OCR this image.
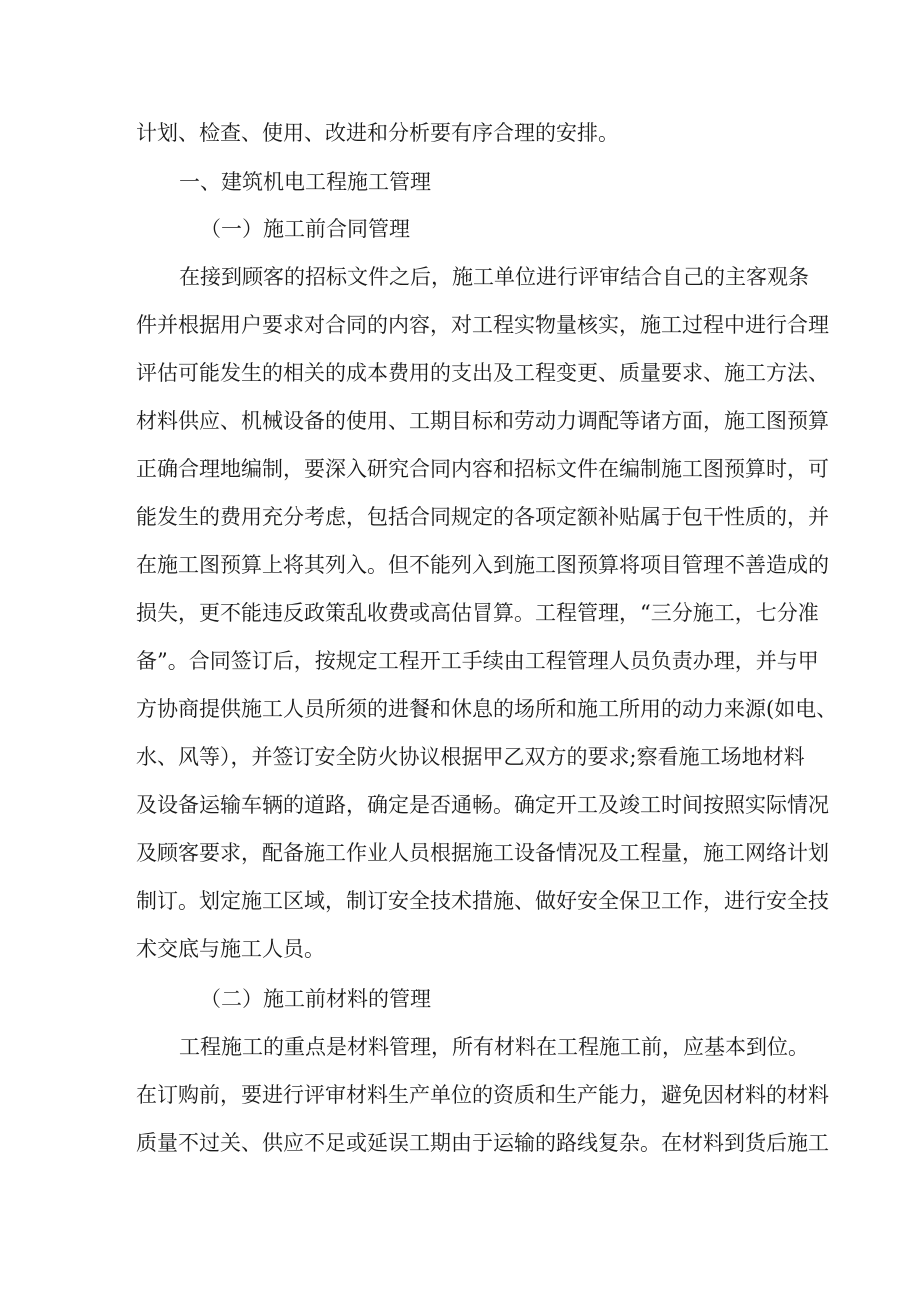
计划、检查、使用、改进和分析要有序合理的安排。
一、建筑机电工程施工管理
（一）施工前合同管理
在接到顾客的招标文件之后，施工单位进行评审结合自己的主客观条
件并根据用户要求对合同的内容，对工程实物量核实，施工过程中进行合理
评估可能发生的相关的成本费用的支出及工程变更、质量要求、施工方法、
材料供应、机械设备的使用、工期目标和劳动力调配等诸方面，施工图预算
正确合理地编制，要深入研究合同内容和招标文件在编制施工图预算时，可
能发生的费用充分考虑，包括合同规定的各项定额补贴属于包干性质的，并
在施工图预算上将其列入。但不能列入到施工图预算将项目管理不善造成的
损失，更不能违反政策乱收费或高估冒算。工程管理，“三分施工，七分准
备”。合同签订后，按规定工程开工手续由工程管理人员负责办理，并与甲
方协商提供施工人员所须的进餐和休息的场所和施工所用的动力来源(如电、
水、风等），并签订安全防火协议根据甲乙双方的要求;察看施工场地材料
及设备运输车辆的道路，确定是否通畅。确定开工及竣工时间按照实际情况
及顾客要求，配备施工作业人员根据施工设备情况及工程量，施工网络计划
制订。划定施工区域，制订安全技术措施、做好安全保卫工作，进行安全技
术交底与施工人员。
（二）施工前材料的管理
工程施工的重点是材料管理，所有材料在工程施工前，应基本到位。
在订购前，要进行评审材料生产单位的资质和生产能力，避免因材料的材料
质量不过关、供应不足或延误工期由于运输的路线复杂。在材料到货后施工
